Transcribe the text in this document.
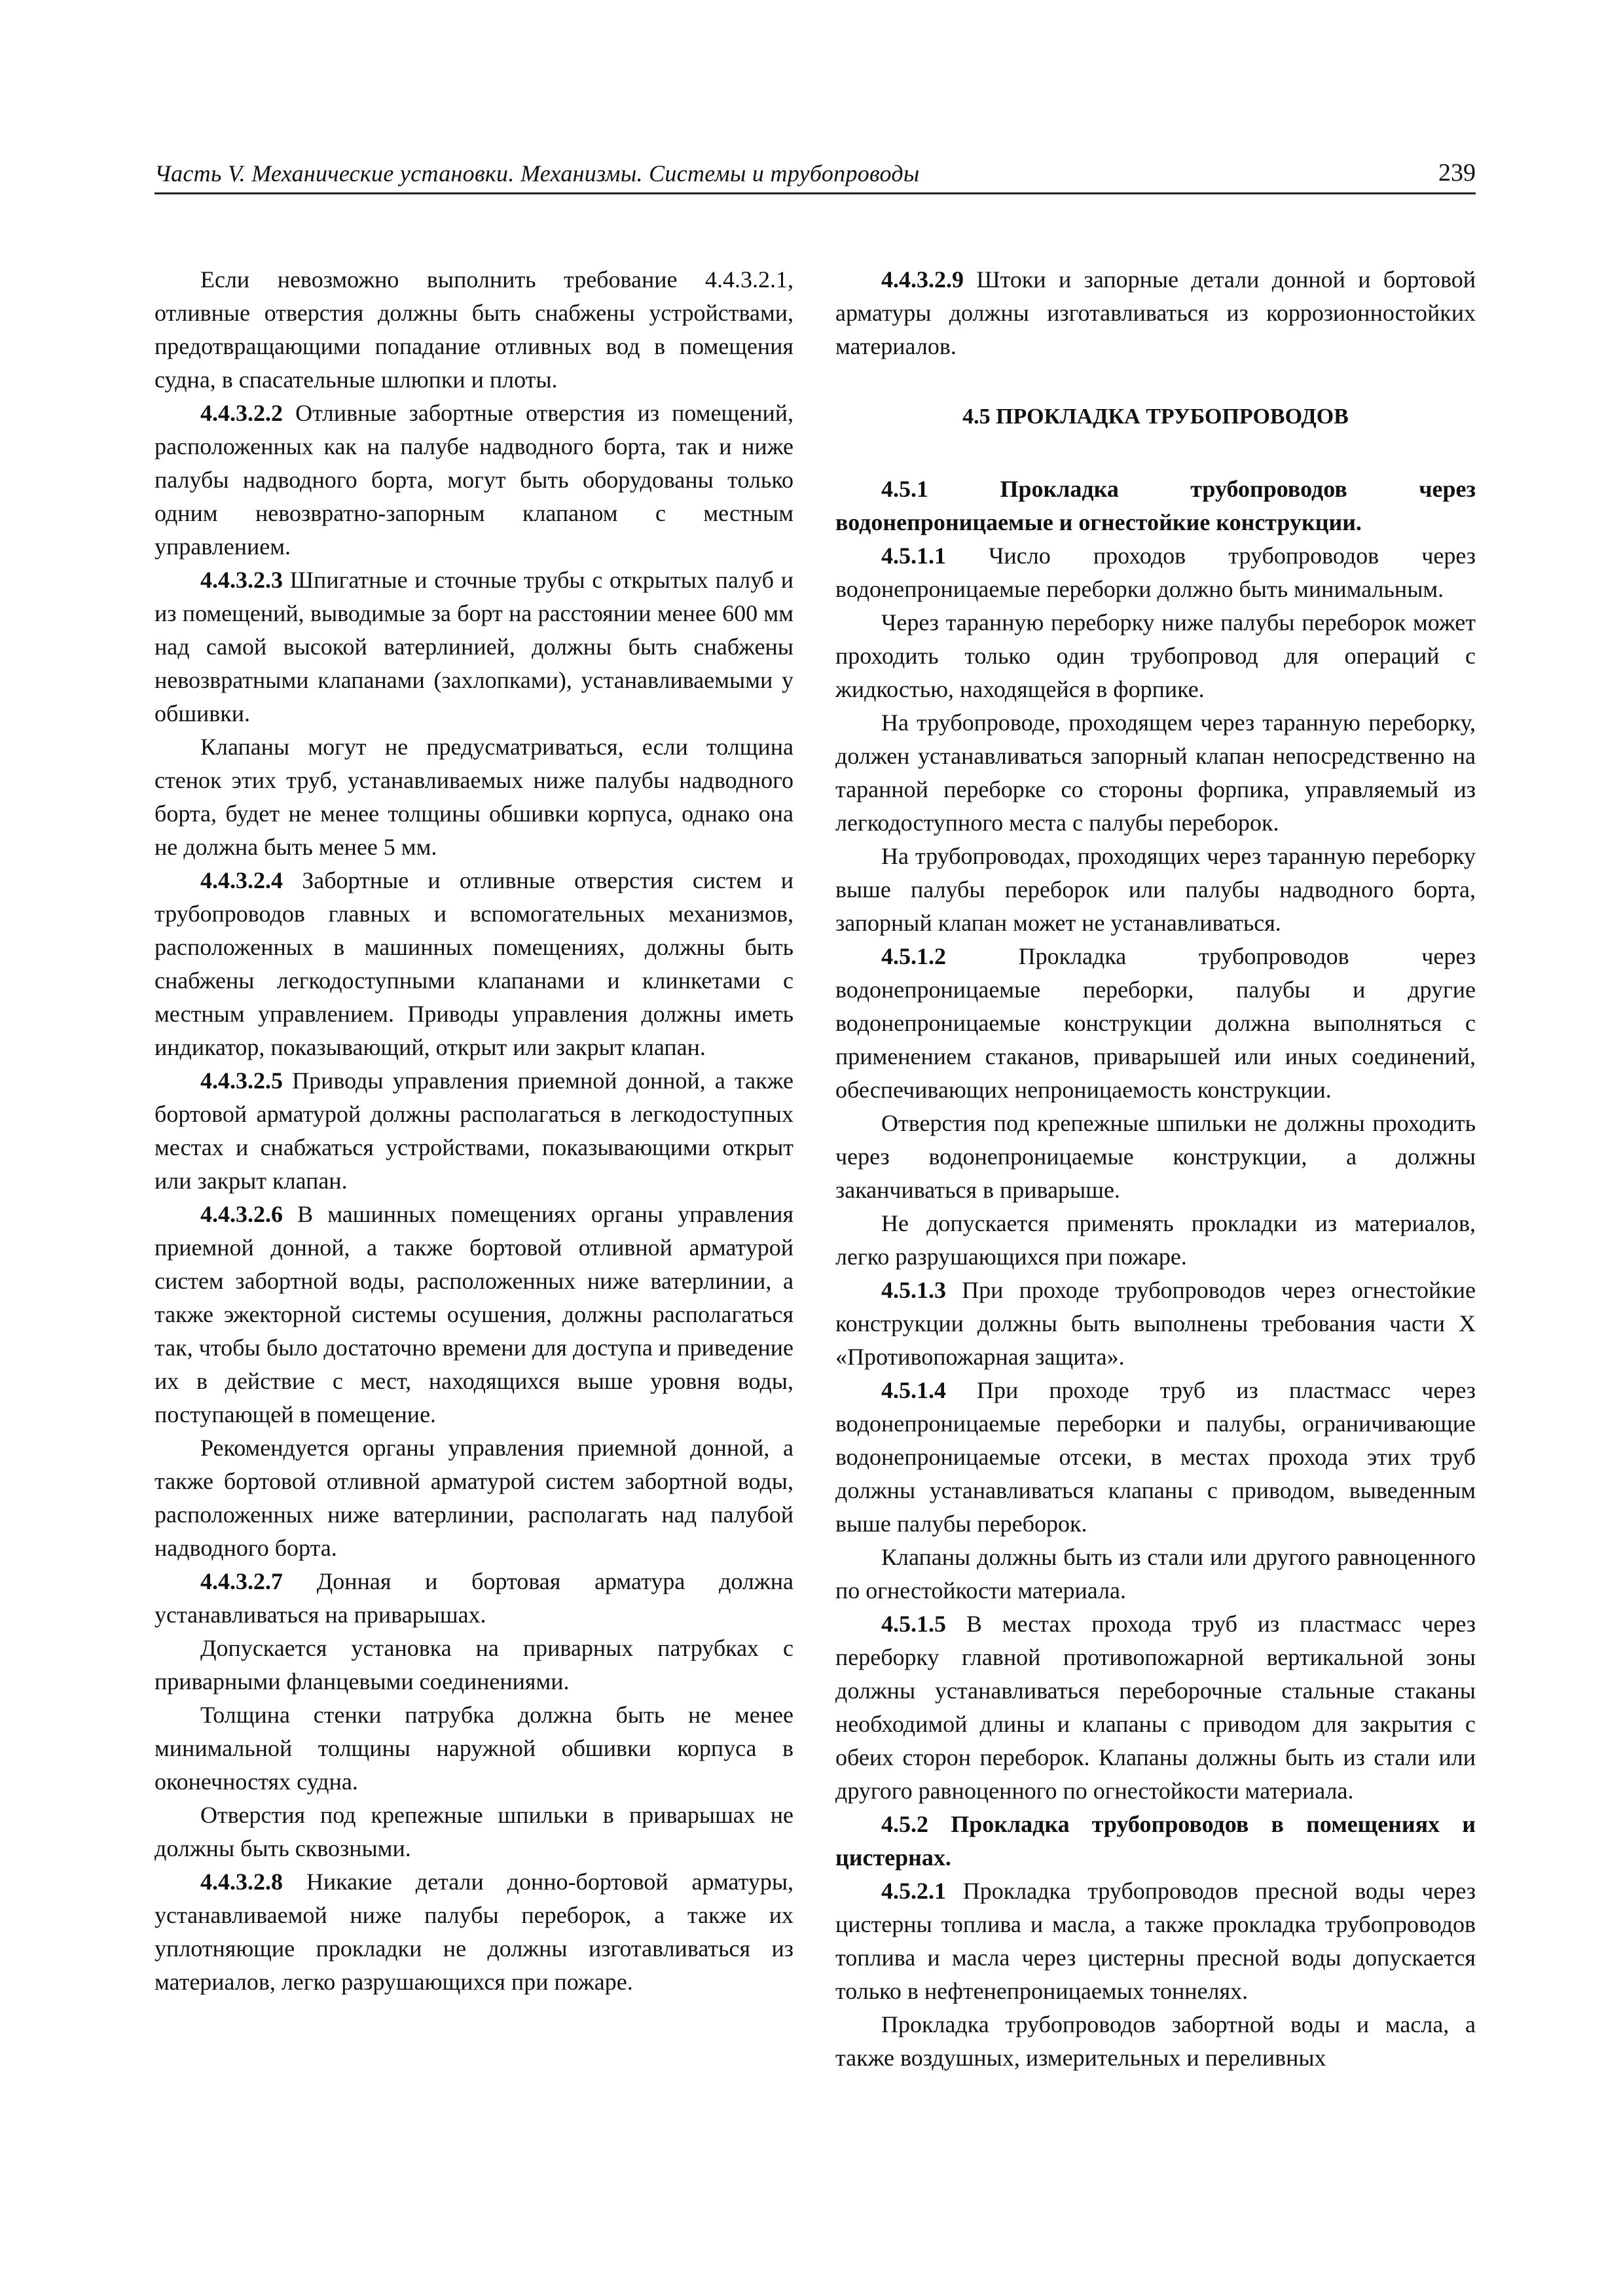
Часть V. Механические установки. Механизмы. Системы и трубопроводы	239

Если невозможно выполнить требование 4.4.3.2.1, отливные отверстия должны быть снабжены устройствами, предотвращающими попадание отливных вод в помещения судна, в спасательные шлюпки и плоты.

4.4.3.2.2 Отливные забортные отверстия из помещений, расположенных как на палубе надводного борта, так и ниже палубы надводного борта, могут быть оборудованы только одним невозвратно-запорным клапаном с местным управлением.

4.4.3.2.3 Шпигатные и сточные трубы с открытых палуб и из помещений, выводимые за борт на расстоянии менее 600 мм над самой высокой ватерлинией, должны быть снабжены невозвратными клапанами (захлопками), устанавливаемыми у обшивки.

Клапаны могут не предусматриваться, если толщина стенок этих труб, устанавливаемых ниже палубы надводного борта, будет не менее толщины обшивки корпуса, однако она не должна быть менее 5 мм.

4.4.3.2.4 Забортные и отливные отверстия систем и трубопроводов главных и вспомогательных механизмов, расположенных в машинных помещениях, должны быть снабжены легкодоступными клапанами и клинкетами с местным управлением. Приводы управления должны иметь индикатор, показывающий, открыт или закрыт клапан.

4.4.3.2.5 Приводы управления приемной донной, а также бортовой арматурой должны располагаться в легкодоступных местах и снабжаться устройствами, показывающими открыт или закрыт клапан.

4.4.3.2.6 В машинных помещениях органы управления приемной донной, а также бортовой отливной арматурой систем забортной воды, расположенных ниже ватерлинии, а также эжекторной системы осушения, должны располагаться так, чтобы было достаточно времени для доступа и приведение их в действие с мест, находящихся выше уровня воды, поступающей в помещение.

Рекомендуется органы управления приемной донной, а также бортовой отливной арматурой систем забортной воды, расположенных ниже ватерлинии, располагать над палубой надводного борта.

4.4.3.2.7 Донная и бортовая арматура должна устанавливаться на приварышах.

Допускается установка на приварных патрубках с приварными фланцевыми соединениями.

Толщина стенки патрубка должна быть не менее минимальной толщины наружной обшивки корпуса в оконечностях судна.

Отверстия под крепежные шпильки в приварышах не должны быть сквозными.

4.4.3.2.8 Никакие детали донно-бортовой арматуры, устанавливаемой ниже палубы переборок, а также их уплотняющие прокладки не должны изготавливаться из материалов, легко разрушающихся при пожаре.

4.4.3.2.9 Штоки и запорные детали донной и бортовой арматуры должны изготавливаться из коррозионностойких материалов.

4.5 ПРОКЛАДКА ТРУБОПРОВОДОВ

4.5.1 Прокладка трубопроводов через водонепроницаемые и огнестойкие конструкции.

4.5.1.1 Число проходов трубопроводов через водонепроницаемые переборки должно быть минимальным.

Через таранную переборку ниже палубы переборок может проходить только один трубопровод для операций с жидкостью, находящейся в форпике.

На трубопроводе, проходящем через таранную переборку, должен устанавливаться запорный клапан непосредственно на таранной переборке со стороны форпика, управляемый из легкодоступного места с палубы переборок.

На трубопроводах, проходящих через таранную переборку выше палубы переборок или палубы надводного борта, запорный клапан может не устанавливаться.

4.5.1.2 Прокладка трубопроводов через водонепроницаемые переборки, палубы и другие водонепроницаемые конструкции должна выполняться с применением стаканов, приварышей или иных соединений, обеспечивающих непроницаемость конструкции.

Отверстия под крепежные шпильки не должны проходить через водонепроницаемые конструкции, а должны заканчиваться в приварыше.

Не допускается применять прокладки из материалов, легко разрушающихся при пожаре.

4.5.1.3 При проходе трубопроводов через огнестойкие конструкции должны быть выполнены требования части X «Противопожарная защита».

4.5.1.4 При проходе труб из пластмасс через водонепроницаемые переборки и палубы, ограничивающие водонепроницаемые отсеки, в местах прохода этих труб должны устанавливаться клапаны с приводом, выведенным выше палубы переборок.

Клапаны должны быть из стали или другого равноценного по огнестойкости материала.

4.5.1.5 В местах прохода труб из пластмасс через переборку главной противопожарной вертикальной зоны должны устанавливаться переборочные стальные стаканы необходимой длины и клапаны с приводом для закрытия с обеих сторон переборок. Клапаны должны быть из стали или другого равноценного по огнестойкости материала.

4.5.2 Прокладка трубопроводов в помещениях и цистернах.

4.5.2.1 Прокладка трубопроводов пресной воды через цистерны топлива и масла, а также прокладка трубопроводов топлива и масла через цистерны пресной воды допускается только в нефтенепроницаемых тоннелях.

Прокладка трубопроводов забортной воды и масла, а также воздушных, измерительных и переливных
